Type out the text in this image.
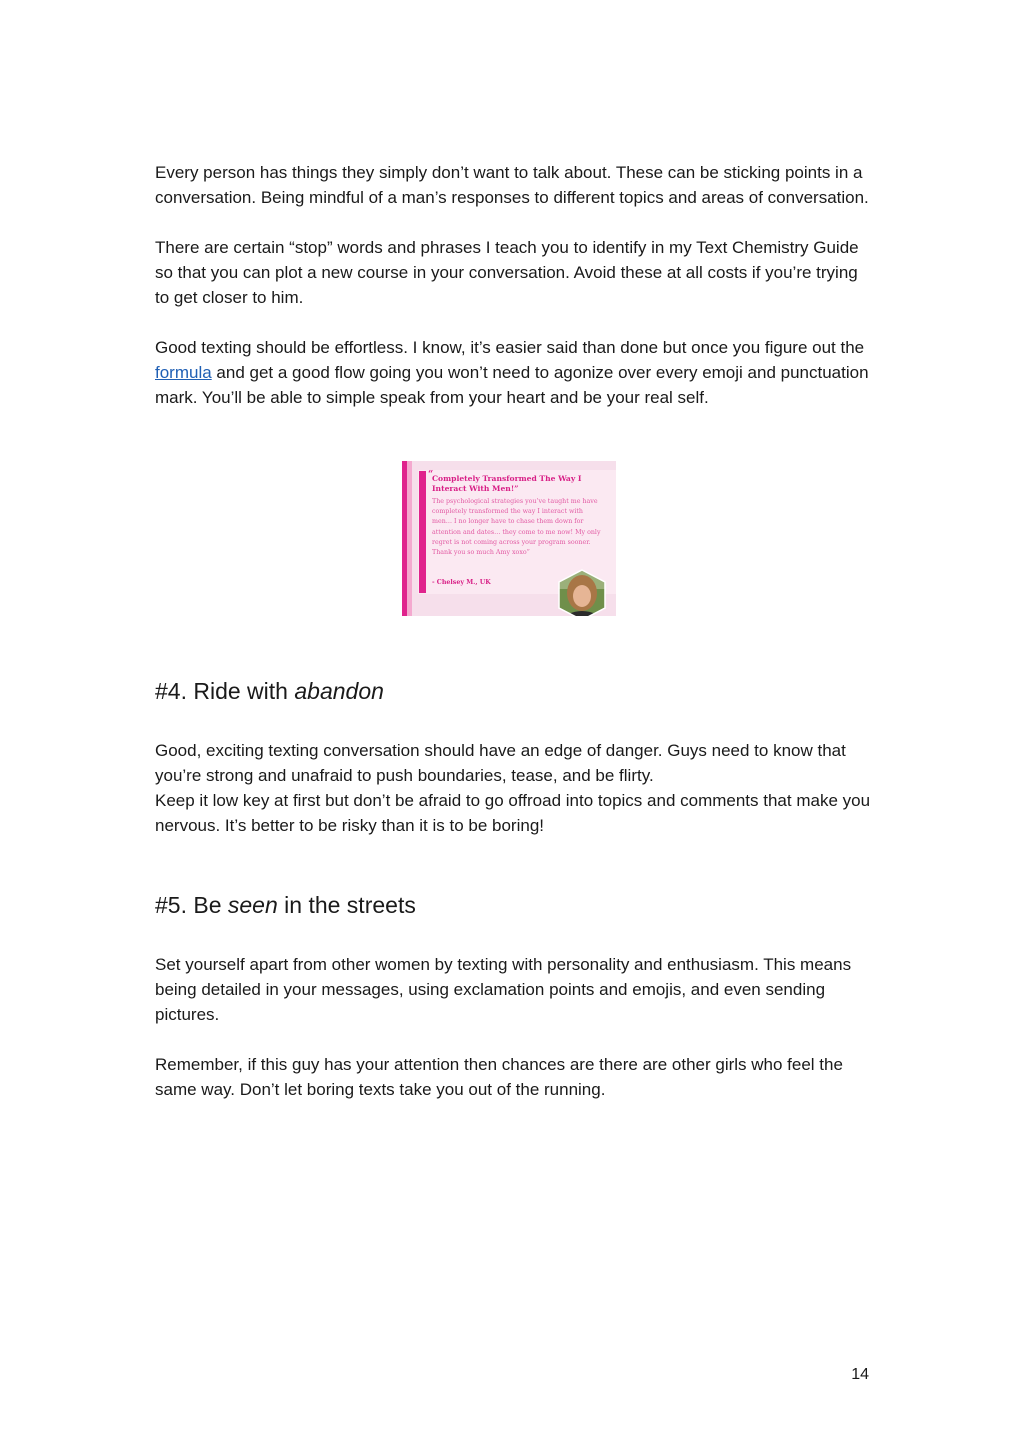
Every person has things they simply don’t want to talk about. These can be sticking points in a conversation. Being mindful of a man’s responses to different topics and areas of conversation.

There are certain “stop” words and phrases I teach you to identify in my Text Chemistry Guide so that you can plot a new course in your conversation. Avoid these at all costs if you’re trying to get closer to him.

Good texting should be effortless. I know, it’s easier said than done but once you figure out the formula and get a good flow going you won’t need to agonize over every emoji and punctuation mark. You’ll be able to simple speak from your heart and be your real self.

“
Completely Transformed The Way I Interact With Men!”
The psychological strategies you’ve taught me have completely transformed the way I interact with men… I no longer have to chase them down for attention and dates… they come to me now! My only regret is not coming across your program sooner. Thank you so much Amy xoxo”
- Chelsey M., UK
#4. Ride with abandon

Good, exciting texting conversation should have an edge of danger. Guys need to know that you’re strong and unafraid to push boundaries, tease, and be flirty.

Keep it low key at first but don’t be afraid to go offroad into topics and comments that make you nervous. It’s better to be risky than it is to be boring!

#5. Be seen in the streets

Set yourself apart from other women by texting with personality and enthusiasm. This means being detailed in your messages, using exclamation points and emojis, and even sending pictures.

Remember, if this guy has your attention then chances are there are other girls who feel the same way. Don’t let boring texts take you out of the running.

14
